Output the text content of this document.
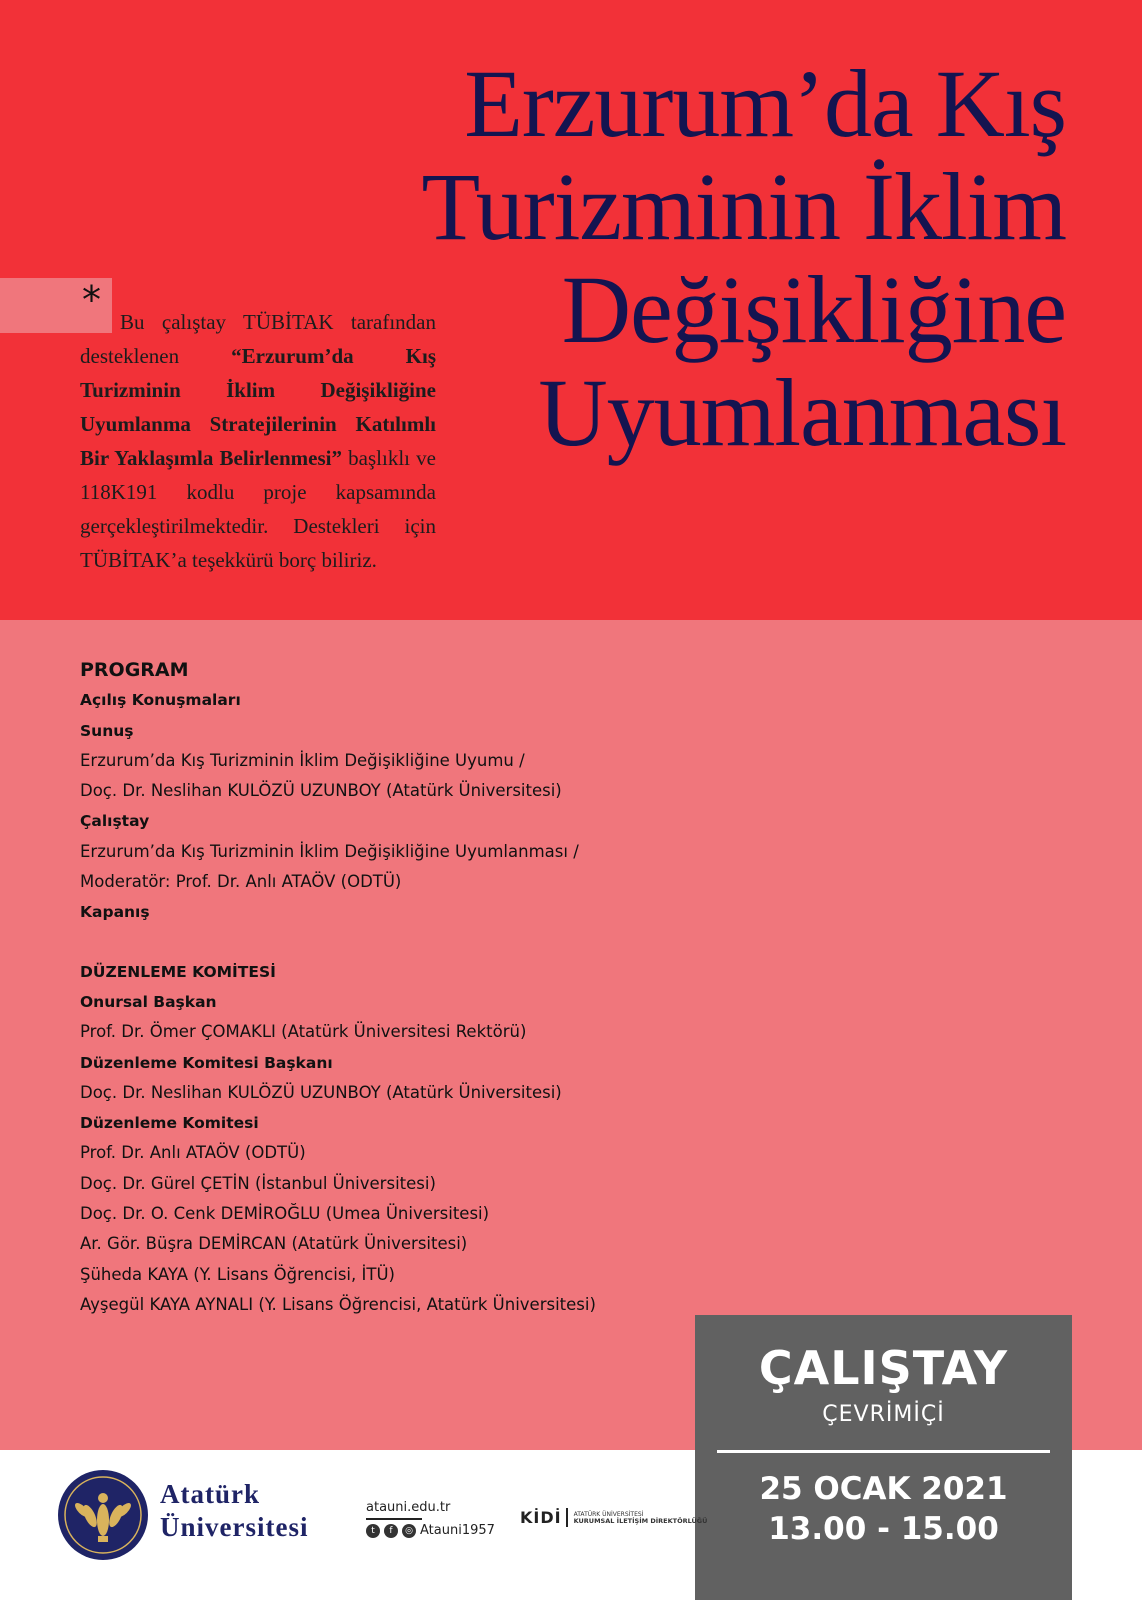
Erzurum’da Kış
Turizminin İklim
Değişikliğine
Uyumlanması
* Bu çalıştay TÜBİTAK tarafından desteklenen “Erzurum’da Kış Turizminin İklim Değişikliğine Uyumlanma Stratejilerinin Katılımlı Bir Yaklaşımla Belirlenmesi” başlıklı ve 118K191 kodlu proje kapsamında gerçekleştirilmektedir. Destekleri için TÜBİTAK’a teşekkürü borç biliriz.

PROGRAM
Açılış Konuşmaları
Sunuş
Erzurum’da Kış Turizminin İklim Değişikliğine Uyumu /
Doç. Dr. Neslihan KULÖZÜ UZUNBOY (Atatürk Üniversitesi)
Çalıştay
Erzurum’da Kış Turizminin İklim Değişikliğine Uyumlanması /
Moderatör: Prof. Dr. Anlı ATAÖV (ODTÜ)
Kapanış
DÜZENLEME KOMİTESİ
Onursal Başkan
Prof. Dr. Ömer ÇOMAKLI (Atatürk Üniversitesi Rektörü)
Düzenleme Komitesi Başkanı
Doç. Dr. Neslihan KULÖZÜ UZUNBOY (Atatürk Üniversitesi)
Düzenleme Komitesi
Prof. Dr. Anlı ATAÖV (ODTÜ)
Doç. Dr. Gürel ÇETİN (İstanbul Üniversitesi)
Doç. Dr. O. Cenk DEMİROĞLU (Umea Üniversitesi)
Ar. Gör. Büşra DEMİRCAN (Atatürk Üniversitesi)
Şüheda KAYA (Y. Lisans Öğrencisi, İTÜ)
Ayşegül KAYA AYNALI (Y. Lisans Öğrencisi, Atatürk Üniversitesi)
ÇALIŞTAY
ÇEVRİMİÇİ
25 OCAK 2021
13.00 - 15.00
Atatürk
Üniversitesi
atauni.edu.tr
t	f	◎ Atauni1957
KİDİ	ATATÜRK ÜNİVERSİTESİ
KURUMSAL İLETİŞİM DİREKTÖRLÜĞÜ
